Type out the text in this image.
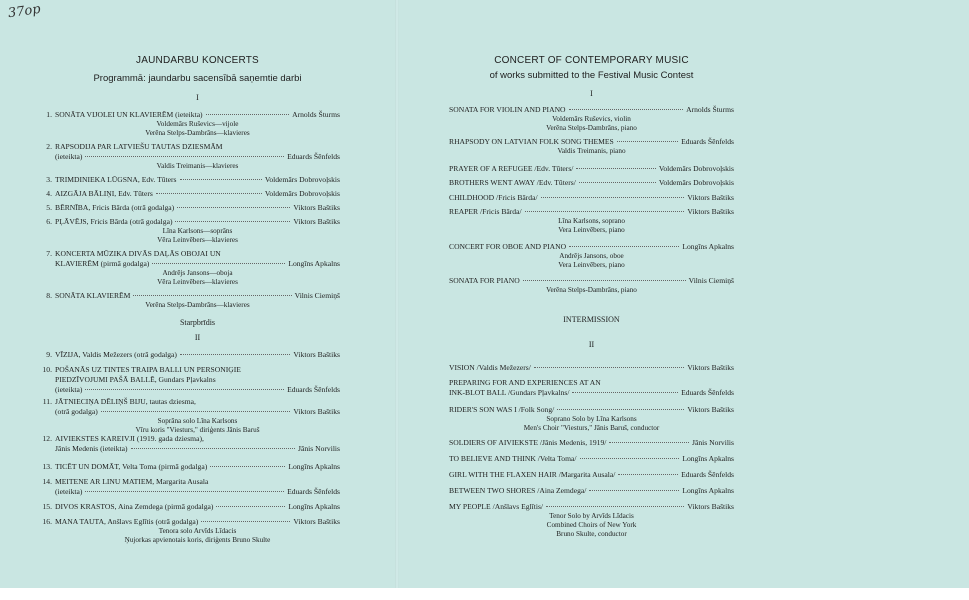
37op
JAUNDARBU KONCERTS
Programmā: jaundarbu sacensībā saņemtie darbi
I
1. SONĀTA VIJOLEI UN KLAVIERĒM (ieteikta)	Arnolds Šturms
Voldemārs Ruševics—vijole
Verēna Stelps-Dambrāns—klavieres
2. RAPSODIJA PAR LATVIEŠU TAUTAS DZIESMĀM
(ieteikta)	Eduards Šēnfelds
Valdis Treimanis—klavieres
3. TRIMDINIEKA LŪGSNA, Edv. Tūters	Voldemārs Dobrovoļskis
4. AIZGĀJA BĀLIŅI, Edv. Tūters	Voldemārs Dobrovoļskis
5. BĒRNĪBA, Fricis Bārda (otrā godalga)	Viktors Baštiks
6. PĻĀVĒJS, Fricis Bārda (otrā godalga)	Viktors Baštiks
Līna Karlsons—soprāns
Vēra Leinvēbers—klavieres
7. KONCERTA MŪZIKA DIVĀS DAĻĀS OBOJAI UN
KLAVIERĒM (pirmā godalga)	Longīns Apkalns
Andrējs Jansons—oboja
Vēra Leinvēbers—klavieres
8. SONĀTA KLAVIERĒM	Vilnis Ciemiņš
Verēna Stelps-Dambrāns—klavieres
9. VĪZIJA, Valdis Mežezers (otrā godalga)	Viktors Baštiks
10. POŠANĀS UZ TINTES TRAIPA BALLI UN PERSONIĢIE
PIEDZĪVOJUMI PAŠĀ BALLĒ, Gundars Pļavkalns
(ieteikta)	Eduards Šēnfelds
11. JĀTNIECIŅA DĒLIŅŠ BIJU, tautas dziesma,
(otrā godalga)	Viktors Baštiks
Soprāna solo Līna Karlsons
Vīru koris "Viesturs," diriģents Jānis Baruš
12. AIVIEKSTES KAREIVJI (1919. gada dziesma),
Jānis Medenis (ieteikta)	Jānis Norvilis
13. TICĒT UN DOMĀT, Velta Toma (pirmā godalga)	Longīns Apkalns
14. MEITENE AR LINU MATIEM, Margarita Ausala
(ieteikta)	Eduards Šēnfelds
15. DIVOS KRASTOS, Aina Zemdega (pirmā godalga)	Longīns Apkalns
16. MANA TAUTA, Anšlavs Eglītis (otrā godalga)	Viktors Baštiks
Tenora solo Arvīds Līdacis
Ņujorkas apvienotais koris, diriģents Bruno Skulte
Starpbrīdis
II
CONCERT OF CONTEMPORARY MUSIC
of works submitted to the Festival Music Contest
I
SONATA FOR VIOLIN AND PIANO	Arnolds Šturms
Voldemārs Ruševics, violin
Verēna Stelps-Dambrāns, piano
RHAPSODY ON LATVIAN FOLK SONG THEMES	Eduards Šēnfelds
Valdis Treimanis, piano
PRAYER OF A REFUGEE /Edv. Tūters/	Voldemārs Dobrovoļskis
BROTHERS WENT AWAY /Edv. Tūters/	Voldemārs Dobrovoļskis
CHILDHOOD /Fricis Bārda/	Viktors Baštiks
REAPER /Fricis Bārda/	Viktors Baštiks
Līna Karlsons, soprano
Vera Leinvēbers, piano
CONCERT FOR OBOE AND PIANO	Longīns Apkalns
Andrējs Jansons, oboe
Vera Leinvēbers, piano
SONATA FOR PIANO	Vilnis Ciemiņš
Verēna Stelps-Dambrāns, piano
VISION /Valdis Mežezers/	Viktors Baštiks
PREPARING FOR AND EXPERIENCES AT AN
INK-BLOT BALL /Gundars Pļavkalns/	Eduards Šēnfelds
RIDER'S SON WAS I /Folk Song/	Viktors Baštiks
Soprano Solo by Līna Karlsons
Men's Choir "Viesturs," Jānis Baruš, conductor
SOLDIERS OF AIVIEKSTE /Jānis Medenis, 1919/	Jānis Norvilis
TO BELIEVE AND THINK /Velta Toma/	Longīns Apkalns
GIRL WITH THE FLAXEN HAIR /Margarita Ausala/	Eduards Šēnfelds
BETWEEN TWO SHORES /Aina Zemdega/	Longīns Apkalns
MY PEOPLE /Anšlavs Eglītis/	Viktors Baštiks
Tenor Solo by Arvīds Līdacis
Combined Choirs of New York
Bruno Skulte, conductor
INTERMISSION
II
